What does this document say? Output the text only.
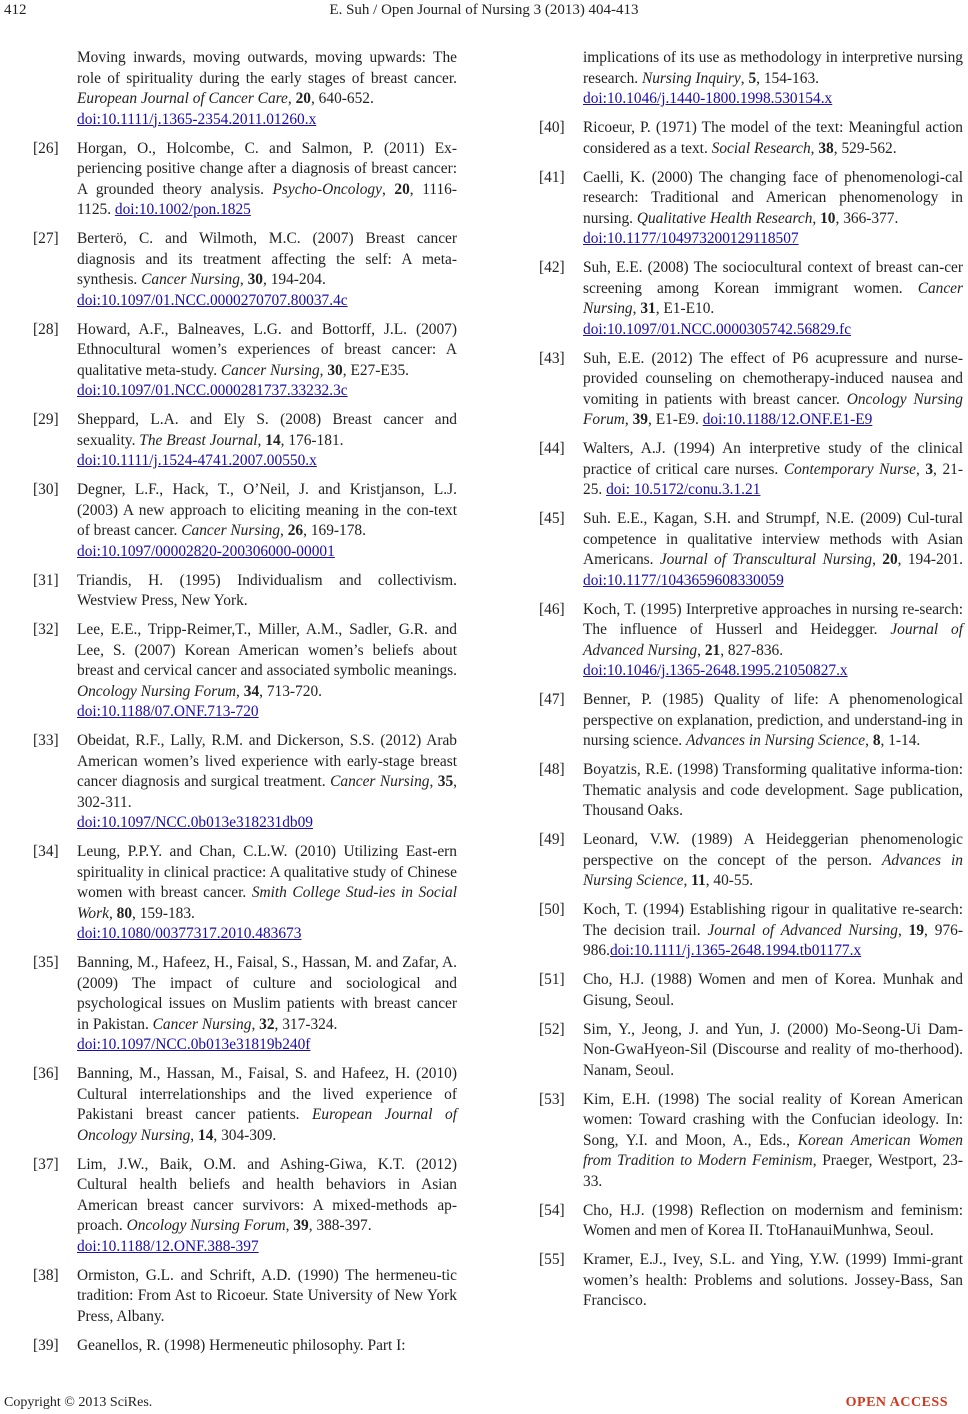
412	E. Suh / Open Journal of Nursing 3 (2013) 404-413
Moving inwards, moving outwards, moving upwards: The role of spirituality during the early stages of breast cancer. European Journal of Cancer Care, 20, 640-652.
doi:10.1111/j.1365-2354.2011.01260.x
[26]	Horgan, O., Holcombe, C. and Salmon, P. (2011) Ex-periencing positive change after a diagnosis of breast cancer: A grounded theory analysis. Psycho-Oncology, 20, 1116-1125. doi:10.1002/pon.1825
[27]	Berterö, C. and Wilmoth, M.C. (2007) Breast cancer diagnosis and its treatment affecting the self: A meta-synthesis. Cancer Nursing, 30, 194-204.
doi:10.1097/01.NCC.0000270707.80037.4c
[28]	Howard, A.F., Balneaves, L.G. and Bottorff, J.L. (2007) Ethnocultural women’s experiences of breast cancer: A qualitative meta-study. Cancer Nursing, 30, E27-E35.
doi:10.1097/01.NCC.0000281737.33232.3c
[29]	Sheppard, L.A. and Ely S. (2008) Breast cancer and sexuality. The Breast Journal, 14, 176-181.
doi:10.1111/j.1524-4741.2007.00550.x
[30]	Degner, L.F., Hack, T., O’Neil, J. and Kristjanson, L.J. (2003) A new approach to eliciting meaning in the con-text of breast cancer. Cancer Nursing, 26, 169-178.
doi:10.1097/00002820-200306000-00001
[31]	Triandis, H. (1995) Individualism and collectivism. Westview Press, New York.
[32]	Lee, E.E., Tripp-Reimer,T., Miller, A.M., Sadler, G.R. and Lee, S. (2007) Korean American women’s beliefs about breast and cervical cancer and associated symbolic meanings. Oncology Nursing Forum, 34, 713-720.
doi:10.1188/07.ONF.713-720
[33]	Obeidat, R.F., Lally, R.M. and Dickerson, S.S. (2012) Arab American women’s lived experience with early-stage breast cancer diagnosis and surgical treatment. Cancer Nursing, 35, 302-311.
doi:10.1097/NCC.0b013e318231db09
[34]	Leung, P.P.Y. and Chan, C.L.W. (2010) Utilizing East-ern spirituality in clinical practice: A qualitative study of Chinese women with breast cancer. Smith College Stud-ies in Social Work, 80, 159-183.
doi:10.1080/00377317.2010.483673
[35]	Banning, M., Hafeez, H., Faisal, S., Hassan, M. and Zafar, A. (2009) The impact of culture and sociological and psychological issues on Muslim patients with breast cancer in Pakistan. Cancer Nursing, 32, 317-324.
doi:10.1097/NCC.0b013e31819b240f
[36]	Banning, M., Hassan, M., Faisal, S. and Hafeez, H. (2010) Cultural interrelationships and the lived experience of Pakistani breast cancer patients. European Journal of Oncology Nursing, 14, 304-309.
[37]	Lim, J.W., Baik, O.M. and Ashing-Giwa, K.T. (2012) Cultural health beliefs and health behaviors in Asian American breast cancer survivors: A mixed-methods ap-proach. Oncology Nursing Forum, 39, 388-397.
doi:10.1188/12.ONF.388-397
[38]	Ormiston, G.L. and Schrift, A.D. (1990) The hermeneu-tic tradition: From Ast to Ricoeur. State University of New York Press, Albany.
[39]	Geanellos, R. (1998) Hermeneutic philosophy. Part I:
implications of its use as methodology in interpretive nursing research. Nursing Inquiry, 5, 154-163.
doi:10.1046/j.1440-1800.1998.530154.x
[40]	Ricoeur, P. (1971) The model of the text: Meaningful action considered as a text. Social Research, 38, 529-562.
[41]	Caelli, K. (2000) The changing face of phenomenologi-cal research: Traditional and American phenomenology in nursing. Qualitative Health Research, 10, 366-377.
doi:10.1177/104973200129118507
[42]	Suh, E.E. (2008) The sociocultural context of breast can-cer screening among Korean immigrant women. Cancer Nursing, 31, E1-E10.
doi:10.1097/01.NCC.0000305742.56829.fc
[43]	Suh, E.E. (2012) The effect of P6 acupressure and nurse-provided counseling on chemotherapy-induced nausea and vomiting in patients with breast cancer. Oncology Nursing Forum, 39, E1-E9. doi:10.1188/12.ONF.E1-E9
[44]	Walters, A.J. (1994) An interpretive study of the clinical practice of critical care nurses. Contemporary Nurse, 3, 21-25. doi: 10.5172/conu.3.1.21
[45]	Suh. E.E., Kagan, S.H. and Strumpf, N.E. (2009) Cul-tural competence in qualitative interview methods with Asian Americans. Journal of Transcultural Nursing, 20, 194-201. doi:10.1177/1043659608330059
[46]	Koch, T. (1995) Interpretive approaches in nursing re-search: The influence of Husserl and Heidegger. Journal of Advanced Nursing, 21, 827-836.
doi:10.1046/j.1365-2648.1995.21050827.x
[47]	Benner, P. (1985) Quality of life: A phenomenological perspective on explanation, prediction, and understand-ing in nursing science. Advances in Nursing Science, 8, 1-14.
[48]	Boyatzis, R.E. (1998) Transforming qualitative informa-tion: Thematic analysis and code development. Sage publication, Thousand Oaks.
[49]	Leonard, V.W. (1989) A Heideggerian phenomenologic perspective on the concept of the person. Advances in Nursing Science, 11, 40-55.
[50]	Koch, T. (1994) Establishing rigour in qualitative re-search: The decision trail. Journal of Advanced Nursing, 19, 976-986.doi:10.1111/j.1365-2648.1994.tb01177.x
[51]	Cho, H.J. (1988) Women and men of Korea. Munhak and Gisung, Seoul.
[52]	Sim, Y., Jeong, J. and Yun, J. (2000) Mo-Seong-Ui Dam-Non-GwaHyeon-Sil (Discourse and reality of mo-therhood). Nanam, Seoul.
[53]	Kim, E.H. (1998) The social reality of Korean American women: Toward crashing with the Confucian ideology. In: Song, Y.I. and Moon, A., Eds., Korean American Women from Tradition to Modern Feminism, Praeger, Westport, 23-33.
[54]	Cho, H.J. (1998) Reflection on modernism and feminism: Women and men of Korea II. TtoHanauiMunhwa, Seoul.
[55]	Kramer, E.J., Ivey, S.L. and Ying, Y.W. (1999) Immi-grant women’s health: Problems and solutions. Jossey-Bass, San Francisco.
Copyright © 2013 SciRes.	OPEN ACCESS
